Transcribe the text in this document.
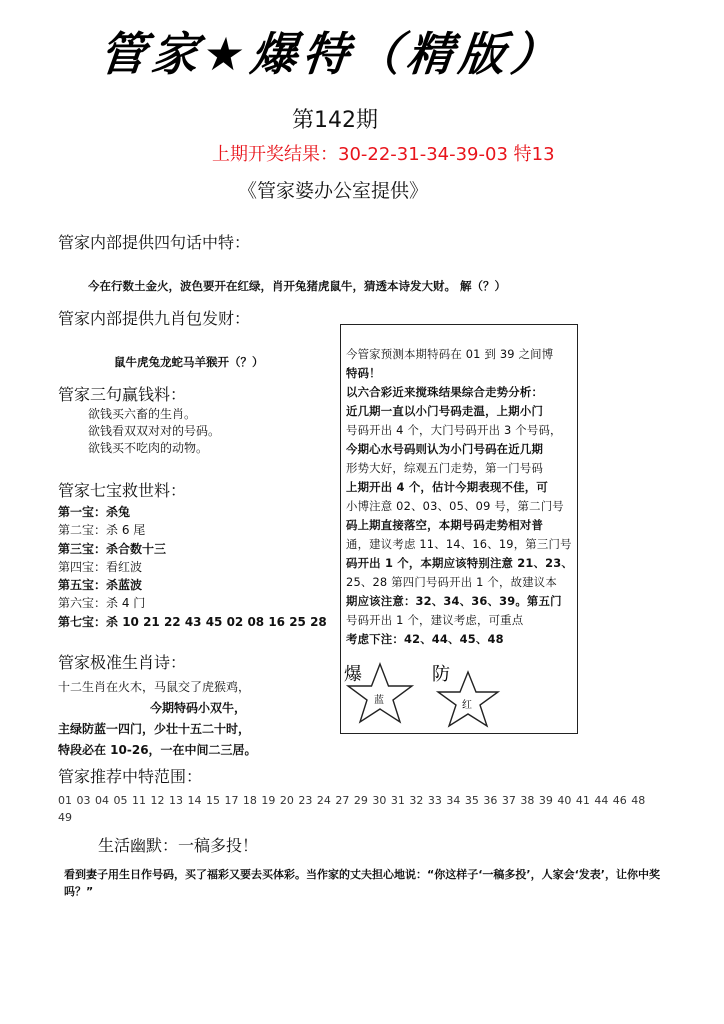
管家★爆特（精版）
第142期
上期开奖结果：30-22-31-34-39-03 特13
《管家婆办公室提供》
管家内部提供四句话中特：
今在行数土金火，波色要开在红绿，肖开兔猪虎鼠牛，猜透本诗发大财。 解（？）
管家内部提供九肖包发财：
鼠牛虎兔龙蛇马羊猴开（？）
管家三句赢钱料：
欲钱买六畜的生肖。
欲钱看双双对对的号码。
欲钱买不吃肉的动物。
管家七宝救世料：
第一宝：杀兔
第二宝：杀 6 尾
第三宝：杀合数十三
第四宝：看红波
第五宝：杀蓝波
第六宝：杀 4 门
第七宝：杀 10 21 22 43 45 02 08 16 25 28
管家极准生肖诗：
十二生肖在火木，马鼠交了虎猴鸡，
今期特码小双牛，
主绿防蓝一四门，少壮十五二十时，
特段必在 10-26，一在中间二三居。
今管家预测本期特码在 01 到 39 之间博
特码！
以六合彩近来搅珠结果综合走势分析：
近几期一直以小门号码走温，上期小门
号码开出 4 个，大门号码开出 3 个号码，
今期心水号码则认为小门号码在近几期
形势大好，综观五门走势，第一门号码
上期开出 4 个，估计今期表现不佳，可
小博注意 02、03、05、09 号，第二门号
码上期直接落空，本期号码走势相对普
通，建议考虑 11、14、16、19，第三门号
码开出 1 个，本期应该特别注意 21、23、
25、28 第四门号码开出 1 个，故建议本
期应该注意：32、34、36、39。第五门
号码开出 1 个，建议考虑，可重点
考虑下注：42、44、45、48
爆	防
蓝	红
管家推荐中特范围：
01 03 04 05 11 12 13 14 15 17 18 19 20 23 24 27 29 30 31 32 33 34 35 36 37 38 39 40 41 44 46 48 49
生活幽默：一稿多投！
看到妻子用生日作号码，买了福彩又要去买体彩。当作家的丈夫担心地说：“你这样子‘一稿多投’，人家会‘发表’，让你中奖吗？”
